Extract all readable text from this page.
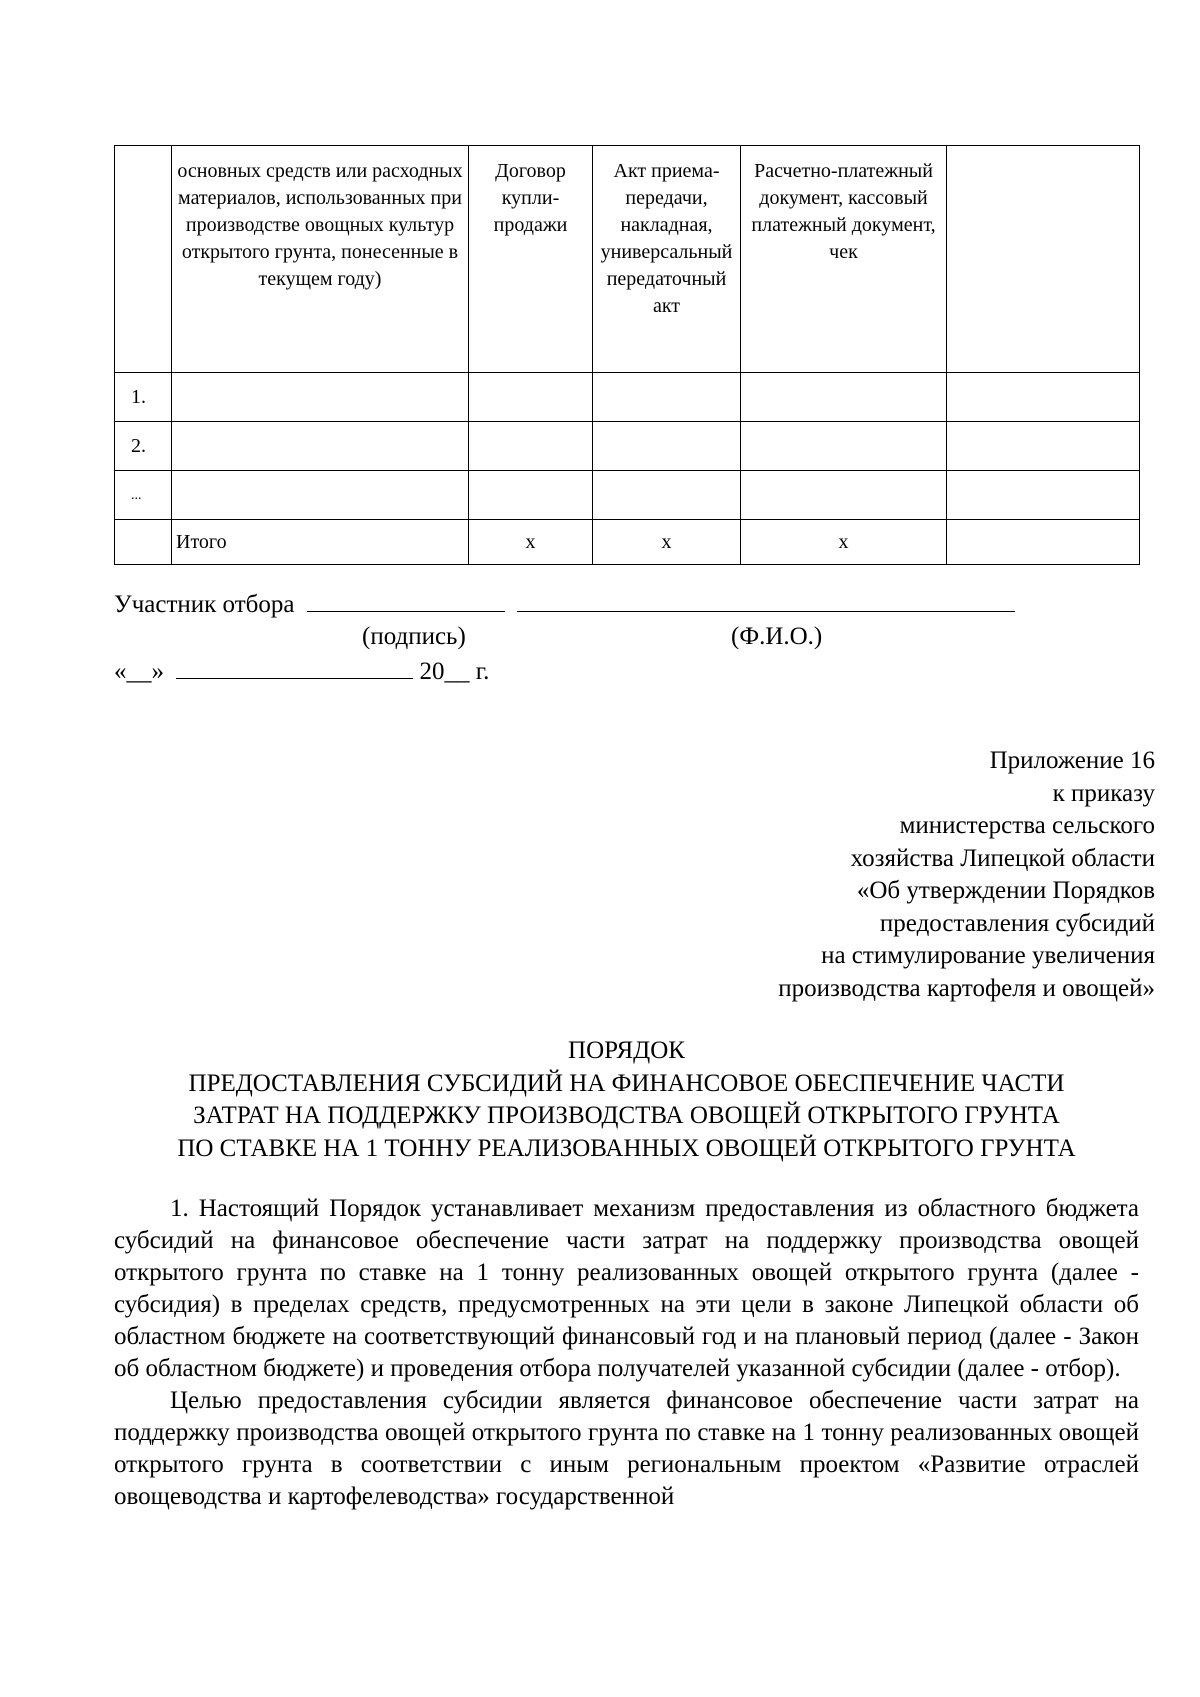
	основных средств или расходных материалов, использованных при производстве овощных культур открытого грунта, понесенные в текущем году)	Договор купли-продажи	Акт приема-передачи, накладная, универсальный передаточный акт	Расчетно-платежный документ, кассовый платежный документ, чек	
1.					
2.					
...					
	Итого	х	х	х	
Участник отбора
(подпись)	(Ф.И.О.)
«__»	20__ г.
Приложение 16
к приказу
министерства сельского
хозяйства Липецкой области
«Об утверждении Порядков
предоставления субсидий
на стимулирование увеличения
производства картофеля и овощей»
ПОРЯДОК
ПРЕДОСТАВЛЕНИЯ СУБСИДИЙ НА ФИНАНСОВОЕ ОБЕСПЕЧЕНИЕ ЧАСТИ
ЗАТРАТ НА ПОДДЕРЖКУ ПРОИЗВОДСТВА ОВОЩЕЙ ОТКРЫТОГО ГРУНТА
ПО СТАВКЕ НА 1 ТОННУ РЕАЛИЗОВАННЫХ ОВОЩЕЙ ОТКРЫТОГО ГРУНТА

1. Настоящий Порядок устанавливает механизм предоставления из областного бюджета субсидий на финансовое обеспечение части затрат на поддержку производства овощей открытого грунта по ставке на 1 тонну реализованных овощей открытого грунта (далее - субсидия) в пределах средств, предусмотренных на эти цели в законе Липецкой области об областном бюджете на соответствующий финансовый год и на плановый период (далее - Закон об областном бюджете) и проведения отбора получателей указанной субсидии (далее - отбор).

Целью предоставления субсидии является финансовое обеспечение части затрат на поддержку производства овощей открытого грунта по ставке на 1 тонну реализованных овощей открытого грунта в соответствии с иным региональным проектом «Развитие отраслей овощеводства и картофелеводства» государственной
